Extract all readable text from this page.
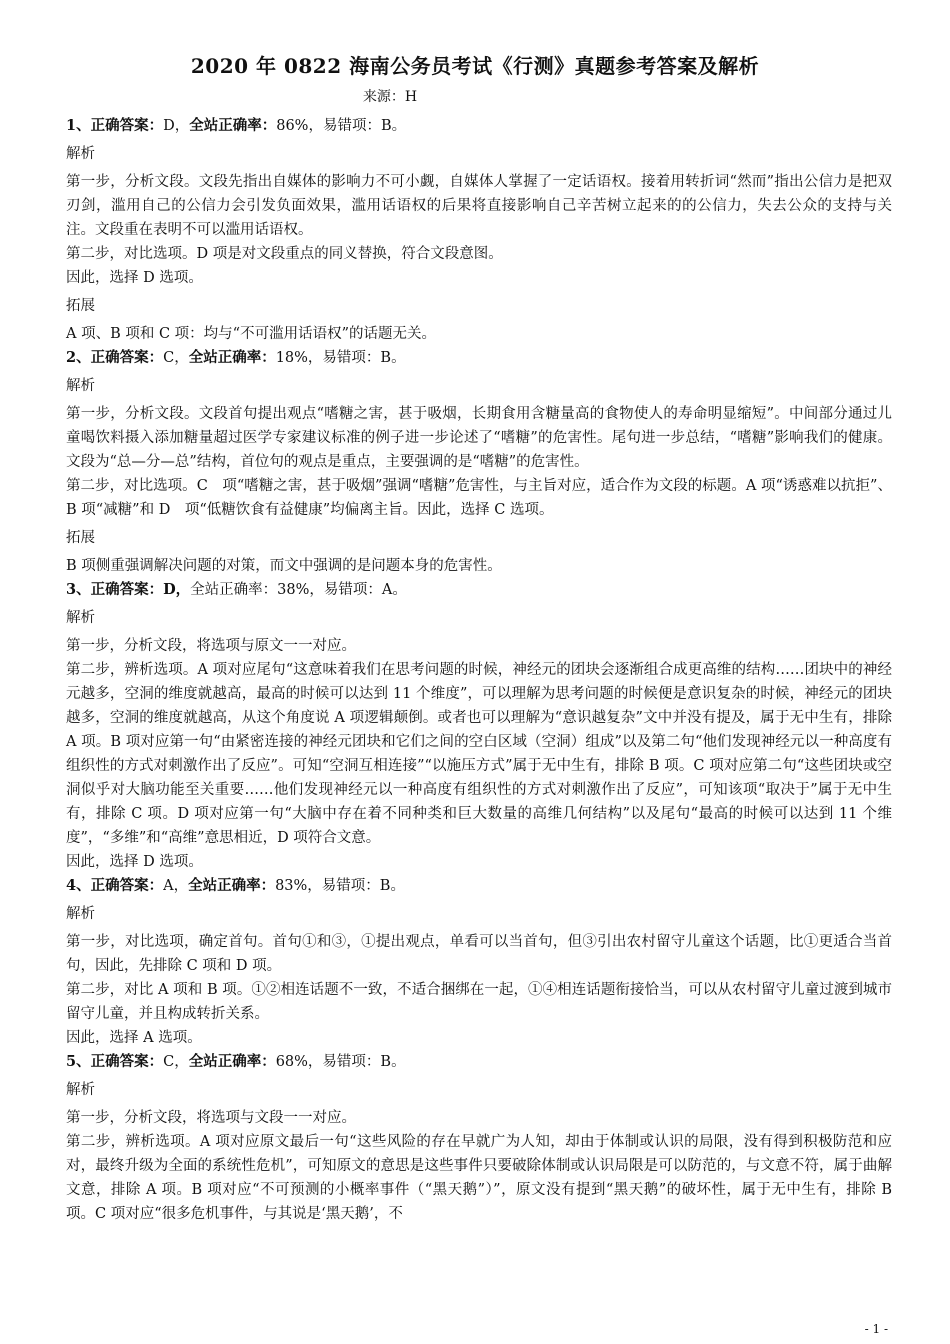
2020 年 0822 海南公务员考试《行测》真题参考答案及解析
来源：H

1、正确答案：D，全站正确率：86%，易错项：B。

解析

第一步，分析文段。文段先指出自媒体的影响力不可小觑，自媒体人掌握了一定话语权。接着用转折词“然而”指出公信力是把双刃剑，滥用自己的公信力会引发负面效果，滥用话语权的后果将直接影响自己辛苦树立起来的的公信力，失去公众的支持与关注。文段重在表明不可以滥用话语权。

第二步，对比选项。D 项是对文段重点的同义替换，符合文段意图。

因此，选择 D 选项。

拓展

A 项、B 项和 C 项：均与“不可滥用话语权”的话题无关。

2、正确答案：C，全站正确率：18%，易错项：B。

解析

第一步，分析文段。文段首句提出观点“嗜糖之害，甚于吸烟，长期食用含糖量高的食物使人的寿命明显缩短”。中间部分通过儿童喝饮料摄入添加糖量超过医学专家建议标准的例子进一步论述了“嗜糖”的危害性。尾句进一步总结，“嗜糖”影响我们的健康。文段为“总—分—总”结构，首位句的观点是重点，主要强调的是“嗜糖”的危害性。

第二步，对比选项。C　项“嗜糖之害，甚于吸烟”强调“嗜糖”危害性，与主旨对应，适合作为文段的标题。A 项“诱惑难以抗拒”、B 项“减糖”和 D　项“低糖饮食有益健康”均偏离主旨。因此，选择 C 选项。

拓展

B 项侧重强调解决问题的对策，而文中强调的是问题本身的危害性。

3、正确答案：D，全站正确率：38%，易错项：A。

解析

第一步，分析文段，将选项与原文一一对应。

第二步，辨析选项。A 项对应尾句“这意味着我们在思考问题的时候，神经元的团块会逐渐组合成更高维的结构……团块中的神经元越多，空洞的维度就越高，最高的时候可以达到 11 个维度”，可以理解为思考问题的时候便是意识复杂的时候，神经元的团块越多，空洞的维度就越高，从这个角度说 A 项逻辑颠倒。或者也可以理解为“意识越复杂”文中并没有提及，属于无中生有，排除 A 项。B 项对应第一句“由紧密连接的神经元团块和它们之间的空白区域（空洞）组成”以及第二句“他们发现神经元以一种高度有组织性的方式对刺激作出了反应”。可知“空洞互相连接”“以施压方式”属于无中生有，排除 B 项。C 项对应第二句“这些团块或空洞似乎对大脑功能至关重要……他们发现神经元以一种高度有组织性的方式对刺激作出了反应”，可知该项“取决于”属于无中生有，排除 C 项。D 项对应第一句“大脑中存在着不同种类和巨大数量的高维几何结构”以及尾句“最高的时候可以达到 11 个维度”，“多维”和“高维”意思相近，D 项符合文意。

因此，选择 D 选项。

4、正确答案：A，全站正确率：83%，易错项：B。

解析

第一步，对比选项，确定首句。首句①和③，①提出观点，单看可以当首句，但③引出农村留守儿童这个话题，比①更适合当首句，因此，先排除 C 项和 D 项。

第二步，对比 A 项和 B 项。①②相连话题不一致，不适合捆绑在一起，①④相连话题衔接恰当，可以从农村留守儿童过渡到城市留守儿童，并且构成转折关系。

因此，选择 A 选项。

5、正确答案：C，全站正确率：68%，易错项：B。

解析

第一步，分析文段，将选项与文段一一对应。

第二步，辨析选项。A 项对应原文最后一句“这些风险的存在早就广为人知，却由于体制或认识的局限，没有得到积极防范和应对，最终升级为全面的系统性危机”，可知原文的意思是这些事件只要破除体制或认识局限是可以防范的，与文意不符，属于曲解文意，排除 A 项。B 项对应“不可预测的小概率事件（“黑天鹅”）”，原文没有提到“黑天鹅”的破坏性，属于无中生有，排除 B 项。C 项对应“很多危机事件，与其说是‘黑天鹅’，不

- 1 -
